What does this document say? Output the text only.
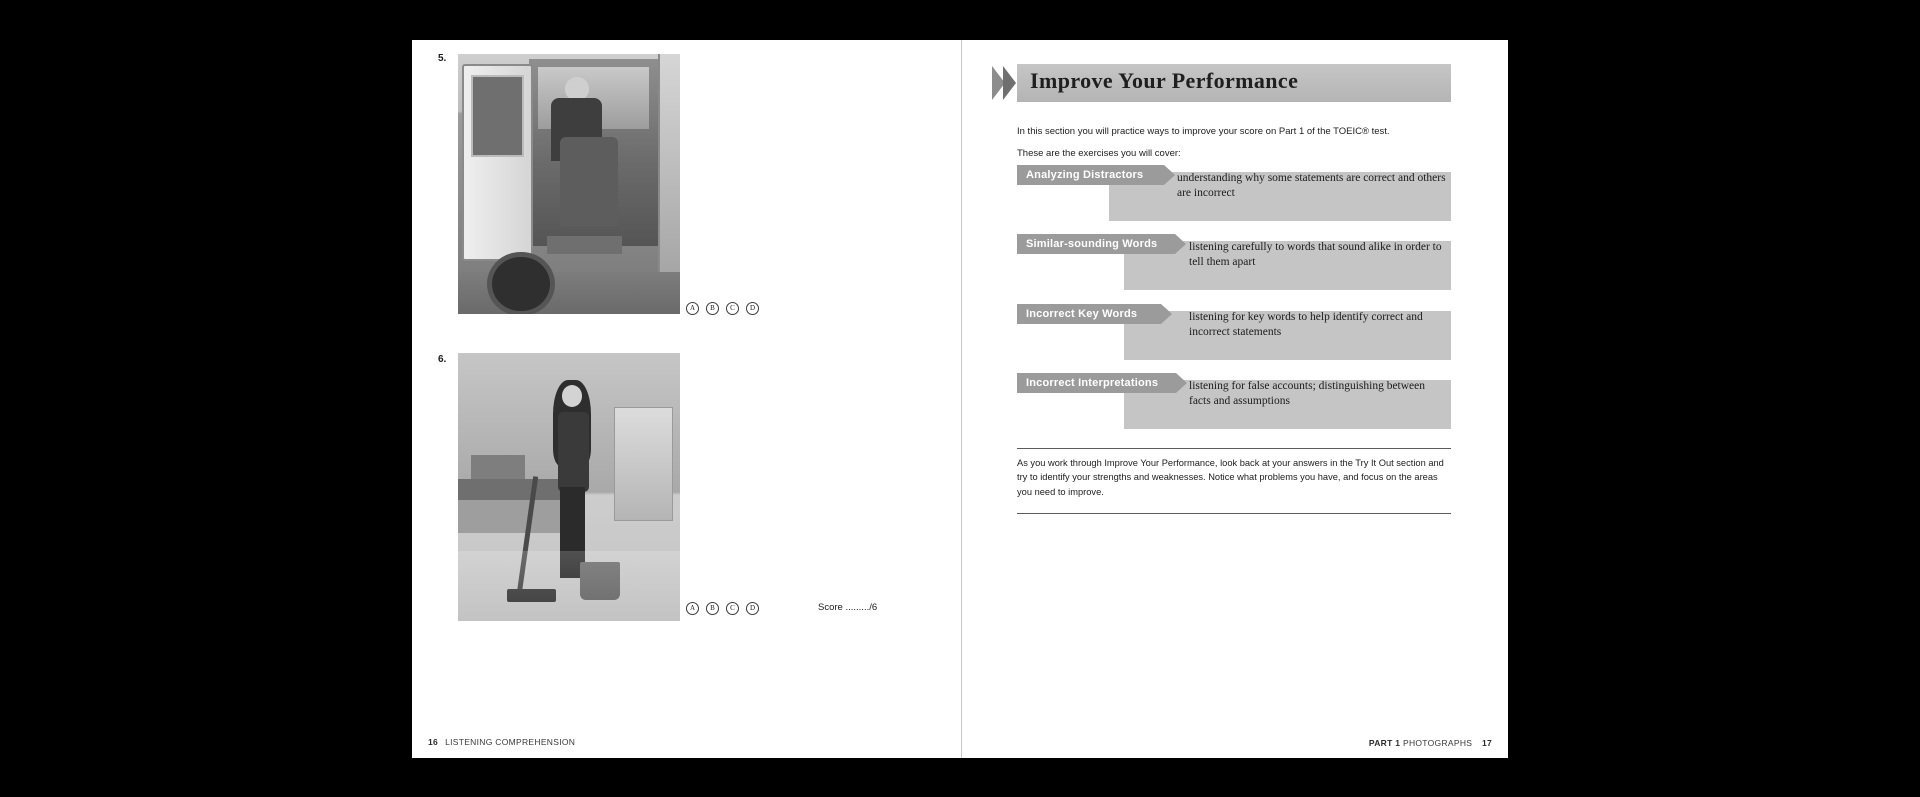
5.
A	B	C	D
6.
A	B	C	D	Score ........./6
16 LISTENING COMPREHENSION
Improve Your Performance
In this section you will practice ways to improve your score on Part 1 of the TOEIC® test.
These are the exercises you will cover:
Analyzing Distractors	understanding why some statements are correct and others are incorrect
Similar-sounding Words	listening carefully to words that sound alike in order to tell them apart
Incorrect Key Words	listening for key words to help identify correct and incorrect statements
Incorrect Interpretations	listening for false accounts; distinguishing between facts and assumptions
As you work through Improve Your Performance, look back at your answers in the Try It Out section and try to identify your strengths and weaknesses. Notice what problems you have, and focus on the areas you need to improve.
PART 1 PHOTOGRAPHS 17
